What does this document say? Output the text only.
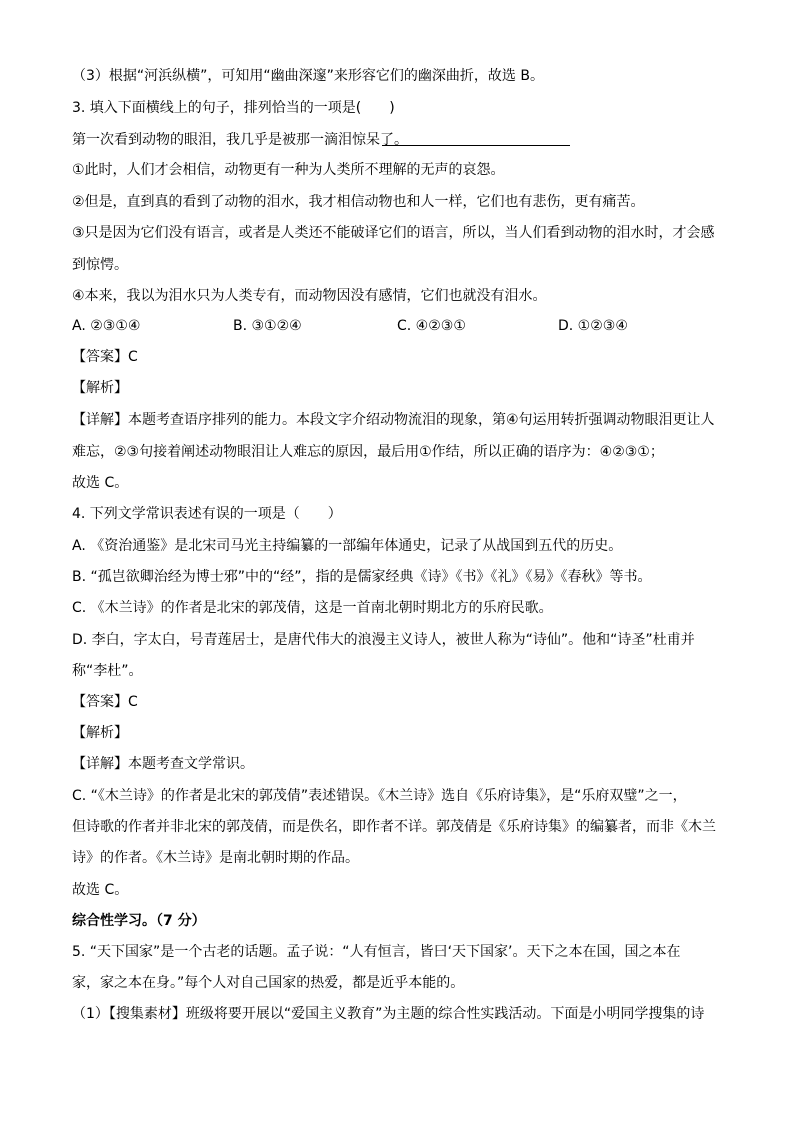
（3）根据“河浜纵横”，可知用“幽曲深邃”来形容它们的幽深曲折，故选 B。
3. 填入下面横线上的句子，排列恰当的一项是(　　)
第一次看到动物的眼泪，我几乎是被那一滴泪惊呆了。
①此时，人们才会相信，动物更有一种为人类所不理解的无声的哀怨。
②但是，直到真的看到了动物的泪水，我才相信动物也和人一样，它们也有悲伤，更有痛苦。
③只是因为它们没有语言，或者是人类还不能破译它们的语言，所以，当人们看到动物的泪水时，才会感
到惊愕。
④本来，我以为泪水只为人类专有，而动物因没有感情，它们也就没有泪水。
A. ②③①④	B. ③①②④	C. ④②③①	D. ①②③④
【答案】C
【解析】
【详解】本题考查语序排列的能力。本段文字介绍动物流泪的现象，第④句运用转折强调动物眼泪更让人
难忘，②③句接着阐述动物眼泪让人难忘的原因，最后用①作结，所以正确的语序为：④②③①；
故选 C。
4. 下列文学常识表述有误的一项是（　　）
A. 《资治通鉴》是北宋司马光主持编纂的一部编年体通史，记录了从战国到五代的历史。
B. “孤岂欲卿治经为博士邪”中的“经”，指的是儒家经典《诗》《书》《礼》《易》《春秋》等书。
C. 《木兰诗》的作者是北宋的郭茂倩，这是一首南北朝时期北方的乐府民歌。
D. 李白，字太白，号青莲居士，是唐代伟大的浪漫主义诗人，被世人称为“诗仙”。他和“诗圣”杜甫并
称“李杜”。
【答案】C
【解析】
【详解】本题考查文学常识。
C. “《木兰诗》的作者是北宋的郭茂倩”表述错误。《木兰诗》选自《乐府诗集》，是“乐府双璧”之一，
但诗歌的作者并非北宋的郭茂倩，而是佚名，即作者不详。郭茂倩是《乐府诗集》的编纂者，而非《木兰
诗》的作者。《木兰诗》是南北朝时期的作品。
故选 C。
综合性学习。（7 分）
5. “天下国家”是一个古老的话题。孟子说：“人有恒言，皆曰‘天下国家’。天下之本在国，国之本在
家，家之本在身。”每个人对自己国家的热爱，都是近乎本能的。
（1）【搜集素材】班级将要开展以“爱国主义教育”为主题的综合性实践活动。下面是小明同学搜集的诗
